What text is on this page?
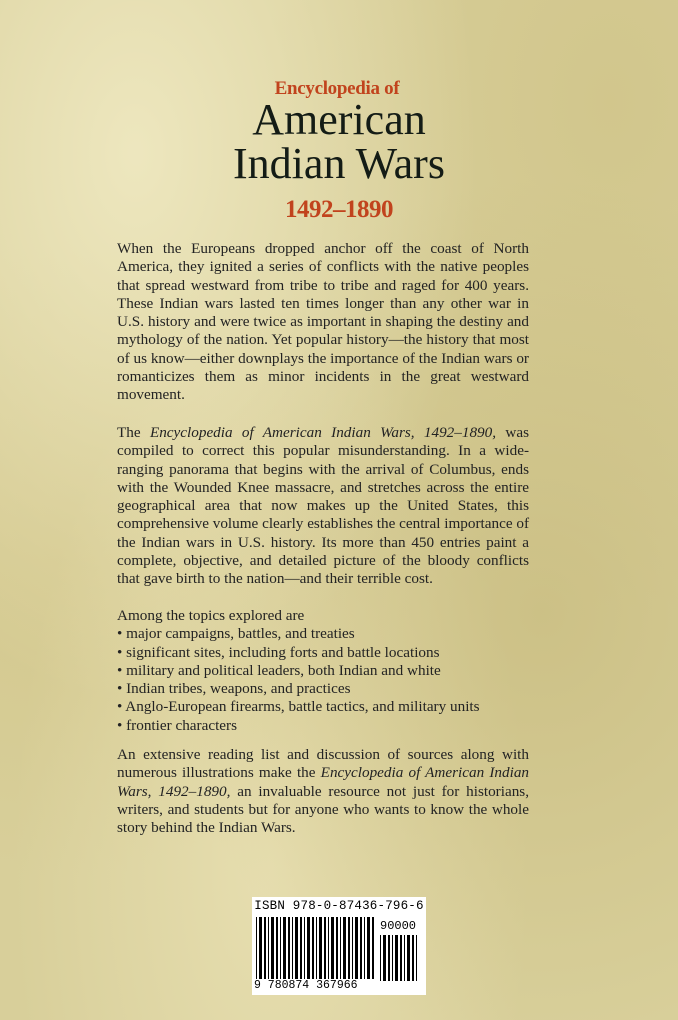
Encyclopedia of
American
Indian Wars
1492–1890

When the Europeans dropped anchor off the coast of North America, they ignited a series of conflicts with the native peoples that spread westward from tribe to tribe and raged for 400 years. These Indian wars lasted ten times longer than any other war in U.S. history and were twice as important in shaping the destiny and mythology of the nation. Yet popular history—the history that most of us know—either downplays the importance of the Indian wars or romanticizes them as minor incidents in the great westward movement.

The Encyclopedia of American Indian Wars, 1492–1890, was compiled to correct this popular misunderstanding. In a wide-ranging panorama that begins with the arrival of Columbus, ends with the Wounded Knee massacre, and stretches across the entire geographical area that now makes up the United States, this comprehensive volume clearly establishes the central importance of the Indian wars in U.S. history. Its more than 450 entries paint a complete, objective, and detailed picture of the bloody conflicts that gave birth to the nation—and their terrible cost.

Among the topics explored are
• major campaigns, battles, and treaties
• significant sites, including forts and battle locations
• military and political leaders, both Indian and white
• Indian tribes, weapons, and practices
• Anglo-European firearms, battle tactics, and military units
• frontier characters

An extensive reading list and discussion of sources along with numerous illustrations make the Encyclopedia of American Indian Wars, 1492–1890, an invaluable resource not just for historians, writers, and students but for anyone who wants to know the whole story behind the Indian Wars.

ISBN 978-0-87436-796-6
90000
9 780874 367966
